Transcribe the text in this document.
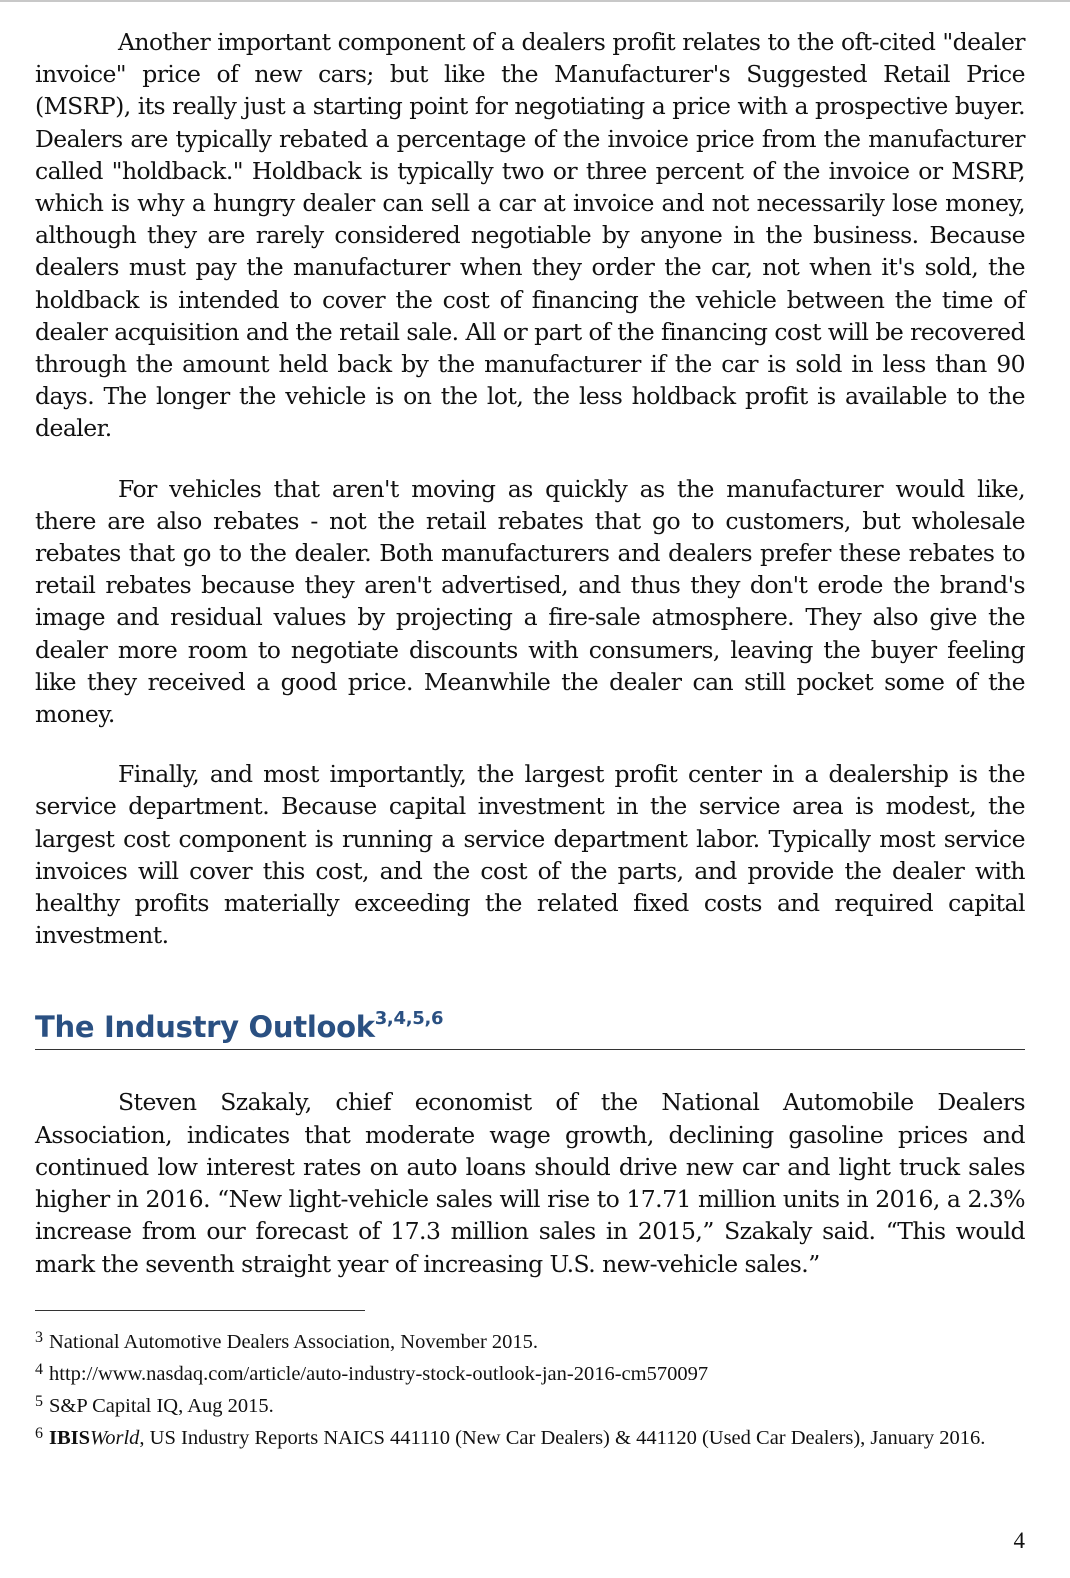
Another important component of a dealers profit relates to the oft-cited "dealer invoice" price of new cars; but like the Manufacturer's Suggested Retail Price (MSRP), its really just a starting point for negotiating a price with a prospective buyer. Dealers are typically rebated a percentage of the invoice price from the manufacturer called "holdback." Holdback is typically two or three percent of the invoice or MSRP, which is why a hungry dealer can sell a car at invoice and not necessarily lose money, although they are rarely considered negotiable by anyone in the business. Because dealers must pay the manufacturer when they order the car, not when it's sold, the holdback is intended to cover the cost of financing the vehicle between the time of dealer acquisition and the retail sale. All or part of the financing cost will be recovered through the amount held back by the manufacturer if the car is sold in less than 90 days. The longer the vehicle is on the lot, the less holdback profit is available to the dealer.

For vehicles that aren't moving as quickly as the manufacturer would like, there are also rebates - not the retail rebates that go to customers, but wholesale rebates that go to the dealer. Both manufacturers and dealers prefer these rebates to retail rebates because they aren't advertised, and thus they don't erode the brand's image and residual values by projecting a fire-sale atmosphere. They also give the dealer more room to negotiate discounts with consumers, leaving the buyer feeling like they received a good price. Meanwhile the dealer can still pocket some of the money.

Finally, and most importantly, the largest profit center in a dealership is the service department. Because capital investment in the service area is modest, the largest cost component is running a service department labor. Typically most service invoices will cover this cost, and the cost of the parts, and provide the dealer with healthy profits materially exceeding the related fixed costs and required capital investment.

The Industry Outlook$^{3,4,5,6}$

Steven Szakaly, chief economist of the National Automobile Dealers Association, indicates that moderate wage growth, declining gasoline prices and continued low interest rates on auto loans should drive new car and light truck sales higher in 2016. “New light-vehicle sales will rise to 17.71 million units in 2016, a 2.3% increase from our forecast of 17.3 million sales in 2015,” Szakaly said. “This would mark the seventh straight year of increasing U.S. new-vehicle sales.”

$^3$ National Automotive Dealers Association, November 2015.

$^4$ http://www.nasdaq.com/article/auto-industry-stock-outlook-jan-2016-cm570097

$^5$ S&P Capital IQ, Aug 2015.

$^6$ IBISWorld, US Industry Reports NAICS 441110 (New Car Dealers) & 441120 (Used Car Dealers), January 2016.

4
